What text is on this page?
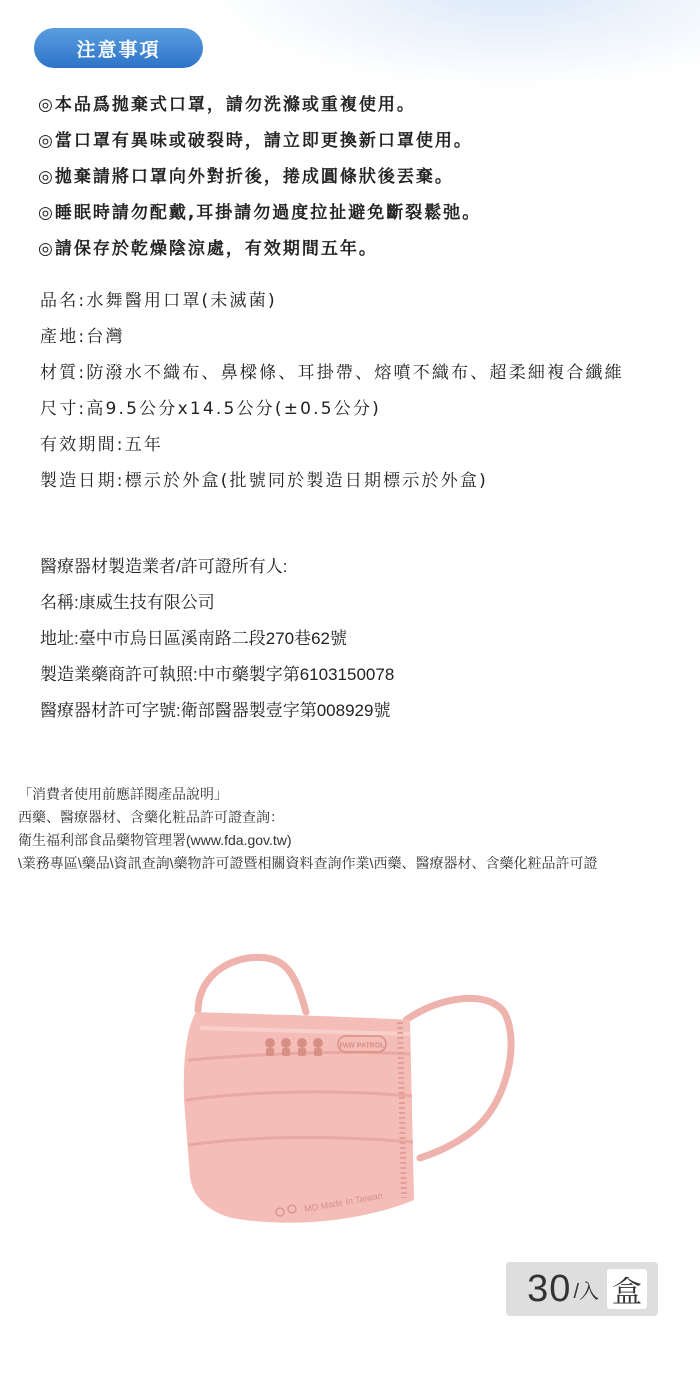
注意事項
◎本品爲拋棄式口罩，請勿洗滌或重複使用。
◎當口罩有異味或破裂時，請立即更換新口罩使用。
◎拋棄請將口罩向外對折後，捲成圓條狀後丟棄。
◎睡眠時請勿配戴,耳掛請勿過度拉扯避免斷裂鬆弛。
◎請保存於乾燥陰涼處，有效期間五年。
品名:水舞醫用口罩(未滅菌)
產地:台灣
材質:防潑水不織布、鼻樑條、耳掛帶、熔噴不織布、超柔細複合纖維
尺寸:高9.5公分x14.5公分(±0.5公分)
有效期間:五年
製造日期:標示於外盒(批號同於製造日期標示於外盒)
醫療器材製造業者/許可證所有人:
名稱:康威生技有限公司
地址:臺中市烏日區溪南路二段270巷62號
製造業藥商許可執照:中市藥製字第6103150078
醫療器材許可字號:衛部醫器製壹字第008929號
「消費者使用前應詳閱產品說明」
西藥、醫療器材、含藥化粧品許可證查詢：
衛生福利部食品藥物管理署(www.fda.gov.tw)
\業務專區\藥品\資訊查詢\藥物許可證暨相關資料查詢作業\西藥、醫療器材、含藥化粧品許可證
PAW PATROL
MD Made In Taiwan
30 /入 盒
